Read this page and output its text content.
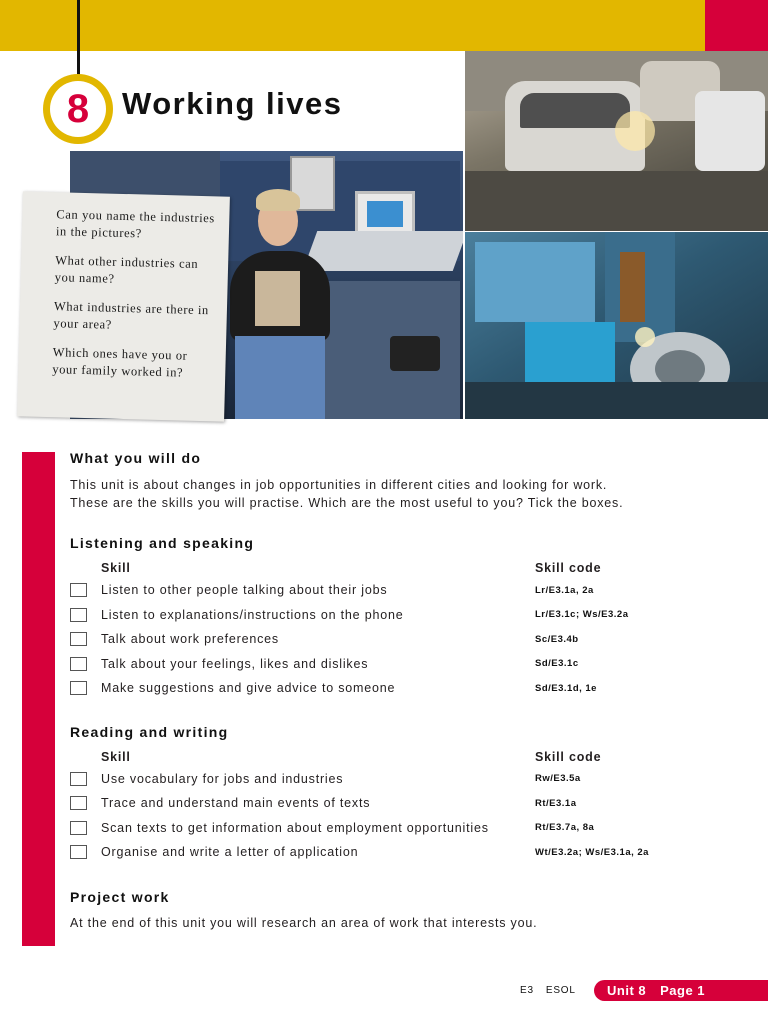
8 Working lives

Can you name the industries in the pictures?

What other industries can you name?

What industries are there in your area?

Which ones have you or your family worked in?

What you will do
This unit is about changes in job opportunities in different cities and looking for work.
These are the skills you will practise. Which are the most useful to you? Tick the boxes.
Listening and speaking
Skill	Skill code
Listen to other people talking about their jobs	Lr/E3.1a, 2a
Listen to explanations/instructions on the phone	Lr/E3.1c; Ws/E3.2a
Talk about work preferences	Sc/E3.4b
Talk about your feelings, likes and dislikes	Sd/E3.1c
Make suggestions and give advice to someone	Sd/E3.1d, 1e
Reading and writing
Skill	Skill code
Use vocabulary for jobs and industries	Rw/E3.5a
Trace and understand main events of texts	Rt/E3.1a
Scan texts to get information about employment opportunities	Rt/E3.7a, 8a
Organise and write a letter of application	Wt/E3.2a; Ws/E3.1a, 2a
Project work
At the end of this unit you will research an area of work that interests you.
E3 ESOL	Unit 8 Page 1
